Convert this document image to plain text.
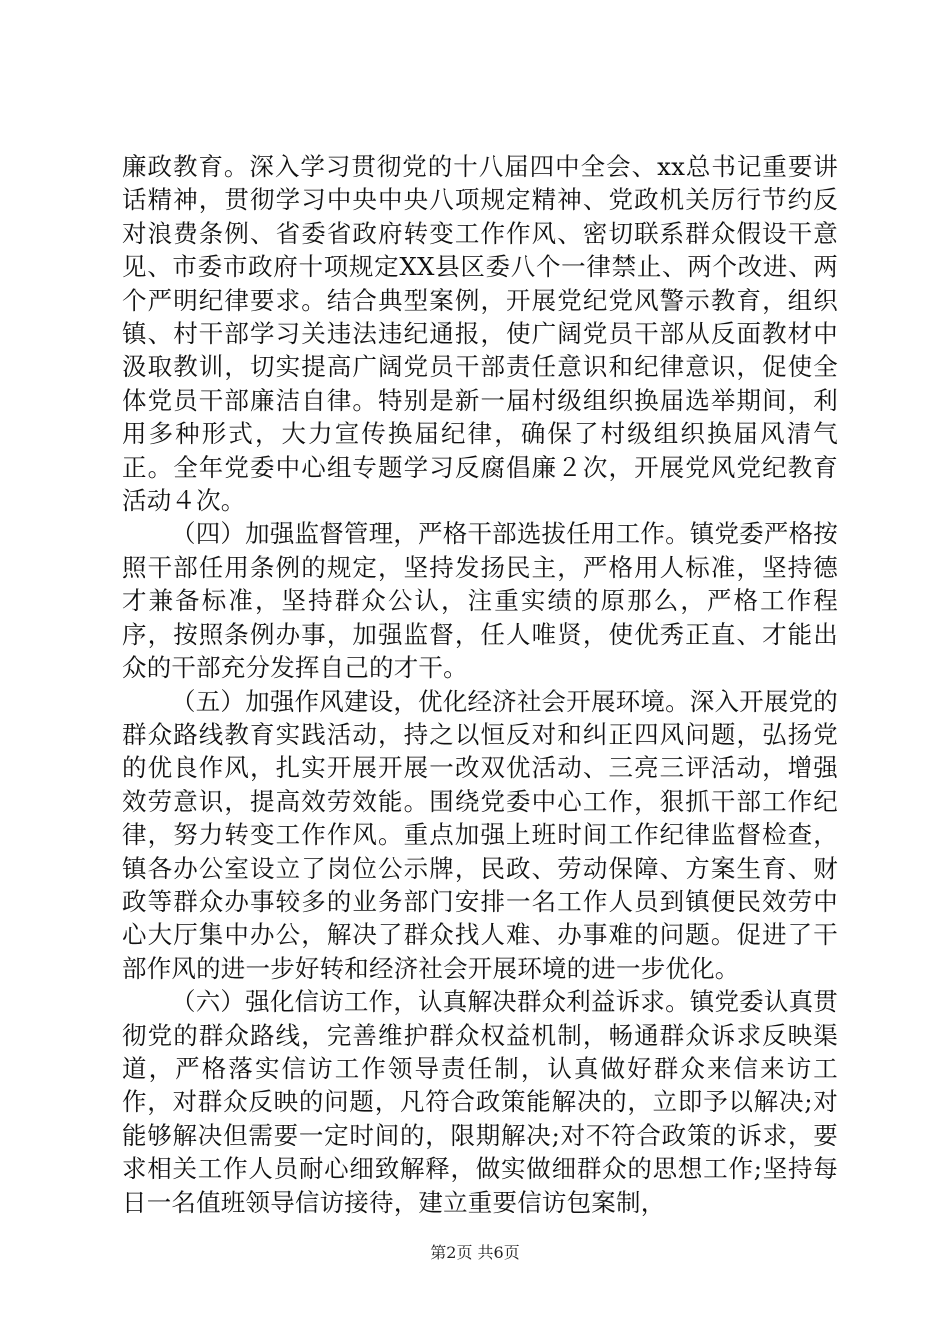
廉政教育。深入学习贯彻党的十八届四中全会、xx总书记重要讲话精神，贯彻学习中央中央八项规定精神、党政机关厉行节约反对浪费条例、省委省政府转变工作作风、密切联系群众假设干意见、市委市政府十项规定XX县区委八个一律禁止、两个改进、两个严明纪律要求。结合典型案例，开展党纪党风警示教育，组织镇、村干部学习关违法违纪通报，使广阔党员干部从反面教材中汲取教训，切实提高广阔党员干部责任意识和纪律意识，促使全体党员干部廉洁自律。特别是新一届村级组织换届选举期间，利用多种形式，大力宣传换届纪律，确保了村级组织换届风清气正。全年党委中心组专题学习反腐倡廉２次，开展党风党纪教育活动４次。

（四）加强监督管理，严格干部选拔任用工作。镇党委严格按照干部任用条例的规定，坚持发扬民主，严格用人标准，坚持德才兼备标准，坚持群众公认，注重实绩的原那么，严格工作程序，按照条例办事，加强监督，任人唯贤，使优秀正直、才能出众的干部充分发挥自己的才干。

（五）加强作风建设，优化经济社会开展环境。深入开展党的群众路线教育实践活动，持之以恒反对和纠正四风问题，弘扬党的优良作风，扎实开展开展一改双优活动、三亮三评活动，增强效劳意识，提高效劳效能。围绕党委中心工作，狠抓干部工作纪律，努力转变工作作风。重点加强上班时间工作纪律监督检查，镇各办公室设立了岗位公示牌，民政、劳动保障、方案生育、财政等群众办事较多的业务部门安排一名工作人员到镇便民效劳中心大厅集中办公，解决了群众找人难、办事难的问题。促进了干部作风的进一步好转和经济社会开展环境的进一步优化。

（六）强化信访工作，认真解决群众利益诉求。镇党委认真贯彻党的群众路线，完善维护群众权益机制，畅通群众诉求反映渠道，严格落实信访工作领导责任制，认真做好群众来信来访工作，对群众反映的问题，凡符合政策能解决的，立即予以解决;对能够解决但需要一定时间的，限期解决;对不符合政策的诉求，要求相关工作人员耐心细致解释，做实做细群众的思想工作;坚持每日一名值班领导信访接待，建立重要信访包案制，

第2页 共6页
